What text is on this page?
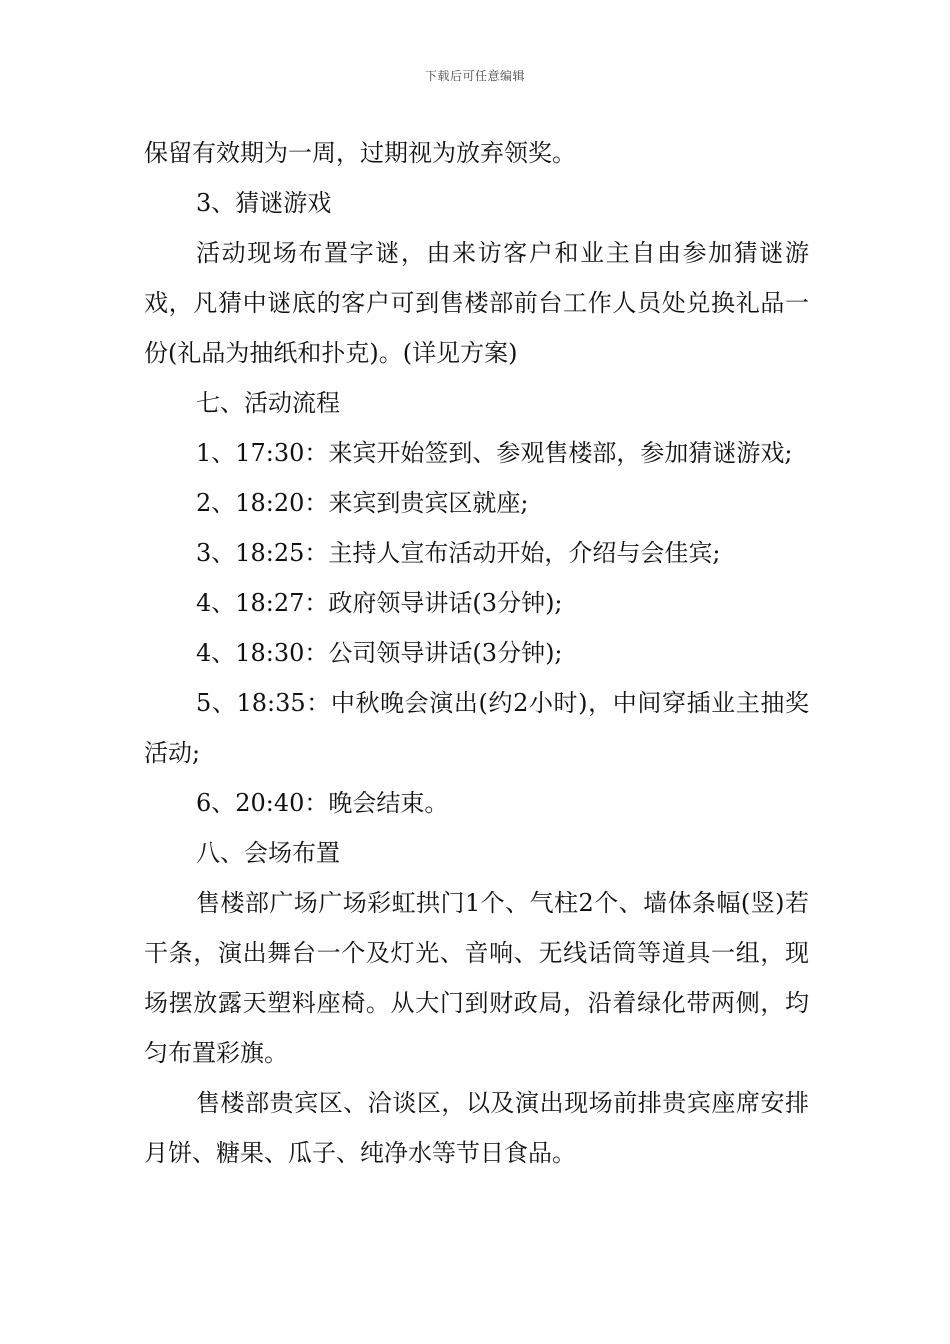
下载后可任意编辑

保留有效期为一周，过期视为放弃领奖。

3、猜谜游戏

活动现场布置字谜，由来访客户和业主自由参加猜谜游戏，凡猜中谜底的客户可到售楼部前台工作人员处兑换礼品一份(礼品为抽纸和扑克)。(详见方案)

七、活动流程

1、17:30：来宾开始签到、参观售楼部，参加猜谜游戏;

2、18:20：来宾到贵宾区就座;

3、18:25：主持人宣布活动开始，介绍与会佳宾;

4、18:27：政府领导讲话(3分钟);

4、18:30：公司领导讲话(3分钟);

5、18:35：中秋晚会演出(约2小时)，中间穿插业主抽奖活动;

6、20:40：晚会结束。

八、会场布置

售楼部广场广场彩虹拱门1个、气柱2个、墙体条幅(竖)若干条，演出舞台一个及灯光、音响、无线话筒等道具一组，现场摆放露天塑料座椅。从大门到财政局，沿着绿化带两侧，均匀布置彩旗。

售楼部贵宾区、洽谈区，以及演出现场前排贵宾座席安排月饼、糖果、瓜子、纯净水等节日食品。
